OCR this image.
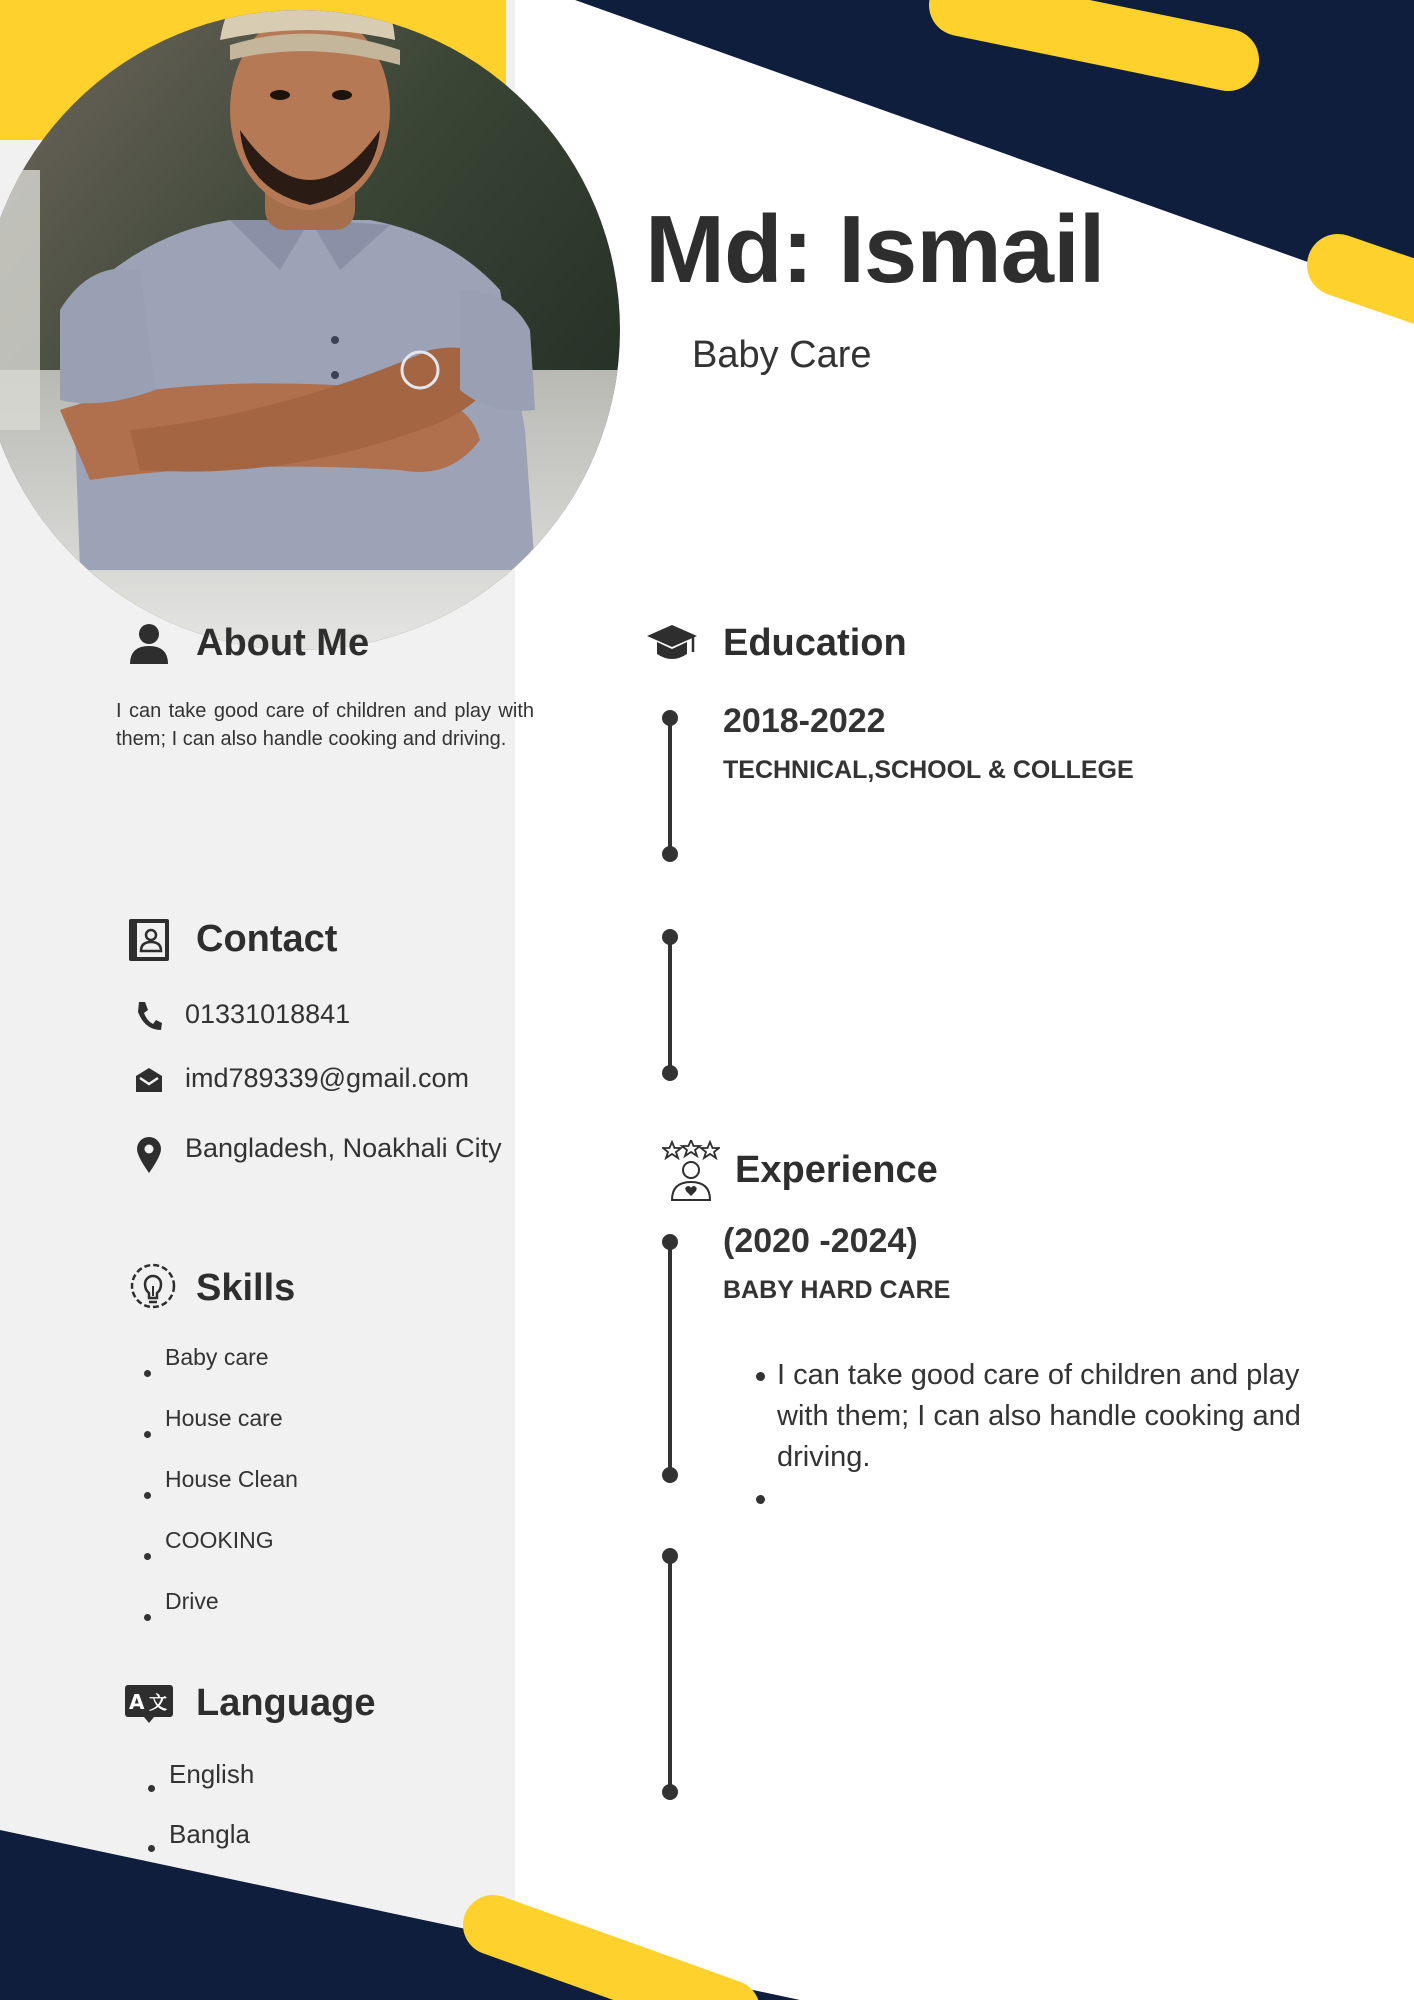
Md: Ismail
Baby Care
About Me
I can take good care of children and play with them; I can also handle cooking and driving.
Contact
01331018841
imd789339@gmail.com
Bangladesh, Noakhali City
Skills
Baby care
House care
House Clean
COOKING
Drive
A 文 Language
English
Bangla
Education
2018-2022
TECHNICAL,SCHOOL & COLLEGE
Experience
(2020 -2024)
BABY HARD CARE
I can take good care of children and play with them; I can also handle cooking and driving.
